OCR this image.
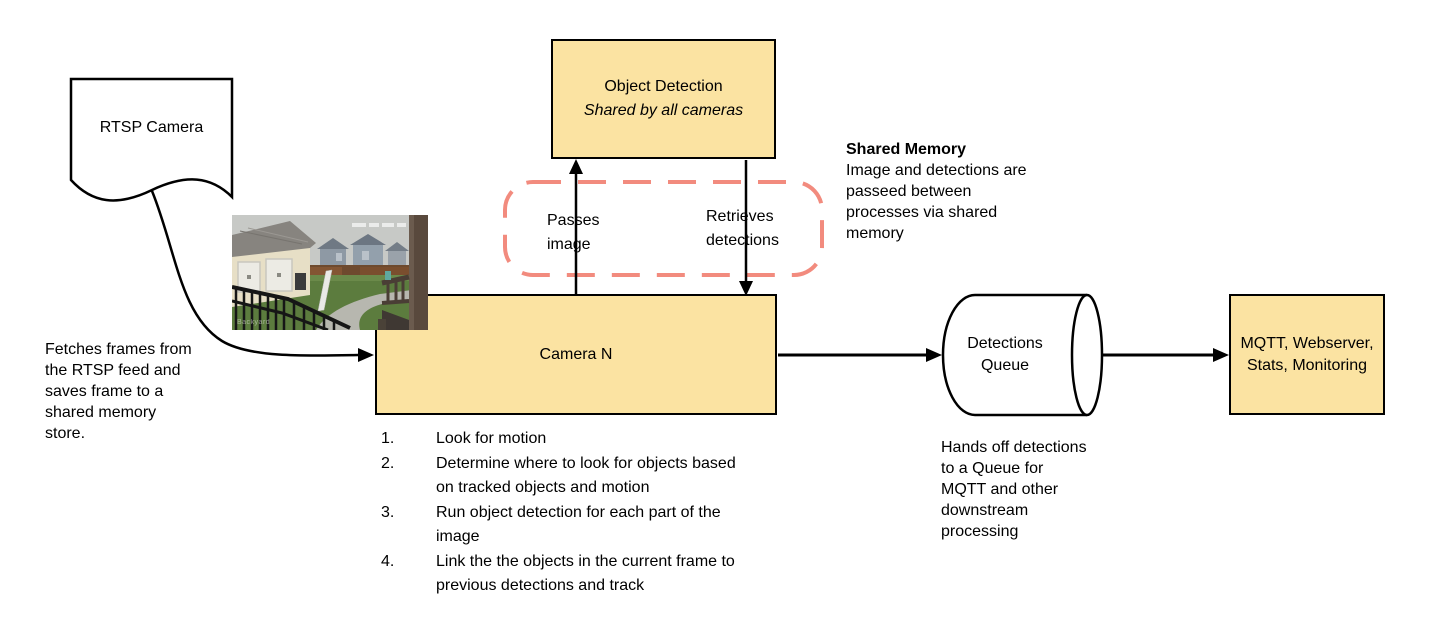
RTSP Camera
Fetches frames from
the RTSP feed and
saves frame to a
shared memory
store.
Object Detection
Shared by all cameras
Passes image
Retrieves detections
Shared Memory
Image and detections are
passeed between
processes via shared
memory
Camera N
1.	Look for motion
2.	Determine where to look for objects based on tracked objects and motion
3.	Run object detection for each part of the image
4.	Link the the objects in the current frame to previous detections and track
Detections Queue
Hands off detections
to a Queue for
MQTT and other
downstream
processing
MQTT, Webserver, Stats, Monitoring
Backyard
